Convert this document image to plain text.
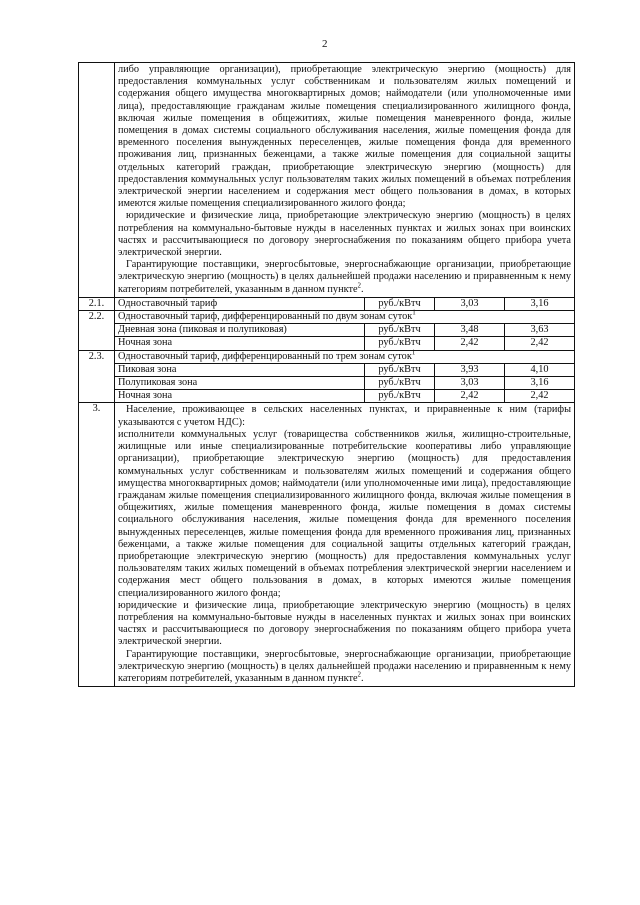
2

	либо управляющие организации), приобретающие электрическую энергию (мощность) для предоставления коммунальных услуг собственникам и пользователям жилых помещений и содержания общего имущества многоквартирных домов; наймодатели (или уполномоченные ими лица), предоставляющие гражданам жилые помещения специализированного жилищного фонда, включая жилые помещения в общежитиях, жилые помещения маневренного фонда, жилые помещения в домах системы социального обслуживания населения, жилые помещения фонда для временного поселения вынужденных переселенцев, жилые помещения фонда для временного проживания лиц, признанных беженцами, а также жилые помещения для социальной защиты отдельных категорий граждан, приобретающие электрическую энергию (мощность) для предоставления коммунальных услуг пользователям таких жилых помещений в объемах потребления электрической энергии населением и содержания мест общего пользования в домах, в которых имеются жилые помещения специализированного жилого фонда;

юридические и физические лица, приобретающие электрическую энергию (мощность) в целях потребления на коммунально-бытовые нужды в населенных пунктах и жилых зонах при воинских частях и рассчитывающиеся по договору энергоснабжения по показаниям общего прибора учета электрической энергии.

Гарантирующие поставщики, энергосбытовые, энергоснабжающие организации, приобретающие электрическую энергию (мощность) в целях дальнейшей продажи населению и приравненным к нему категориям потребителей, указанным в данном пункте$^2$.			

2.1.	Одноставочный тариф	руб./кВтч	3,03	3,16
2.2.	Одноставочный тариф, дифференцированный по двум зонам суток$^1$
	Дневная зона (пиковая и полупиковая)	руб./кВтч	3,48	3,63
	Ночная зона	руб./кВтч	2,42	2,42
2.3.	Одноставочный тариф, дифференцированный по трем зонам суток$^1$
	Пиковая зона	руб./кВтч	3,93	4,10
	Полупиковая зона	руб./кВтч	3,03	3,16
	Ночная зона	руб./кВтч	2,42	2,42
3.	Население, проживающее в сельских населенных пунктах, и приравненные к ним (тарифы указываются с учетом НДС):

исполнители коммунальных услуг (товарищества собственников жилья, жилищно-строительные, жилищные или иные специализированные потребительские кооперативы либо управляющие организации), приобретающие электрическую энергию (мощность) для предоставления коммунальных услуг собственникам и пользователям жилых помещений и содержания общего имущества многоквартирных домов; наймодатели (или уполномоченные ими лица), предоставляющие гражданам жилые помещения специализированного жилищного фонда, включая жилые помещения в общежитиях, жилые помещения маневренного фонда, жилые помещения в домах системы социального обслуживания населения, жилые помещения фонда для временного поселения вынужденных переселенцев, жилые помещения фонда для временного проживания лиц, признанных беженцами, а также жилые помещения для социальной защиты отдельных категорий граждан, приобретающие электрическую энергию (мощность) для предоставления коммунальных услуг пользователям таких жилых помещений в объемах потребления электрической энергии населением и содержания мест общего пользования в домах, в которых имеются жилые помещения специализированного жилого фонда;

юридические и физические лица, приобретающие электрическую энергию (мощность) в целях потребления на коммунально-бытовые нужды в населенных пунктах и жилых зонах при воинских частях и рассчитывающиеся по договору энергоснабжения по показаниям общего прибора учета электрической энергии.

Гарантирующие поставщики, энергосбытовые, энергоснабжающие организации, приобретающие электрическую энергию (мощность) в целях дальнейшей продажи населению и приравненным к нему категориям потребителей, указанным в данном пункте$^2$.			
